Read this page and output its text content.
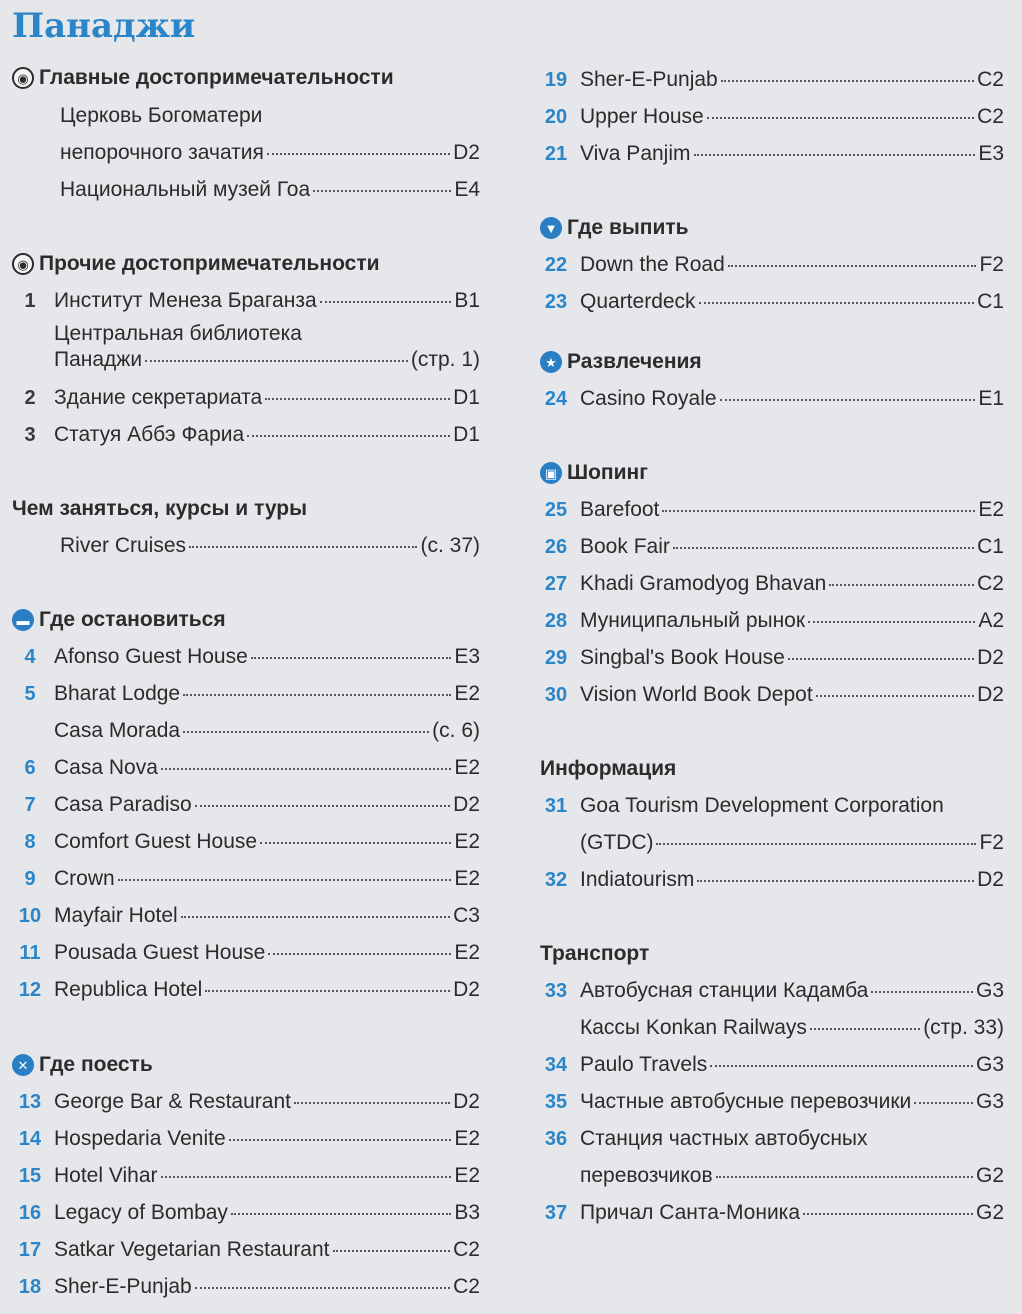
Панаджи
◉ Главные достопримечательности
Церковь Богоматери
непорочного зачатия	D2
Национальный музей Гоа	E4
◉ Прочие достопримечательности
1 Институт Менеза Браганза	B1
Центральная библиотека
Панаджи	(стр. 1)
2 Здание секретариата	D1
3 Статуя Аббэ Фариа	D1
Чем заняться, курсы и туры
River Cruises	(с. 37)
▬ Где остановиться
4 Afonso Guest House	E3
5 Bharat Lodge	E2
Casa Morada	(с. 6)
6 Casa Nova	E2
7 Casa Paradiso	D2
8 Comfort Guest House	E2
9 Crown	E2
10 Mayfair Hotel	C3
11 Pousada Guest House	E2
12 Republica Hotel	D2
✕ Где поесть
13 George Bar & Restaurant	D2
14 Hospedaria Venite	E2
15 Hotel Vihar	E2
16 Legacy of Bombay	B3
17 Satkar Vegetarian Restaurant	C2
18 Sher-E-Punjab	C2
19 Sher-E-Punjab	C2
20 Upper House	C2
21 Viva Panjim	E3
▼ Где выпить
22 Down the Road	F2
23 Quarterdeck	C1
★ Развлечения
24 Casino Royale	E1
▣ Шопинг
25 Barefoot	E2
26 Book Fair	C1
27 Khadi Gramodyog Bhavan	C2
28 Муниципальный рынок	A2
29 Singbal's Book House	D2
30 Vision World Book Depot	D2
Информация
31 Goa Tourism Development Corporation
(GTDC)	F2
32 Indiatourism	D2
Транспорт
33 Автобусная станции Кадамба	G3
Кассы Konkan Railways	(стр. 33)
34 Paulo Travels	G3
35 Частные автобусные перевозчики	G3
36 Станция частных автобусных
перевозчиков	G2
37 Причал Санта-Моника	G2
